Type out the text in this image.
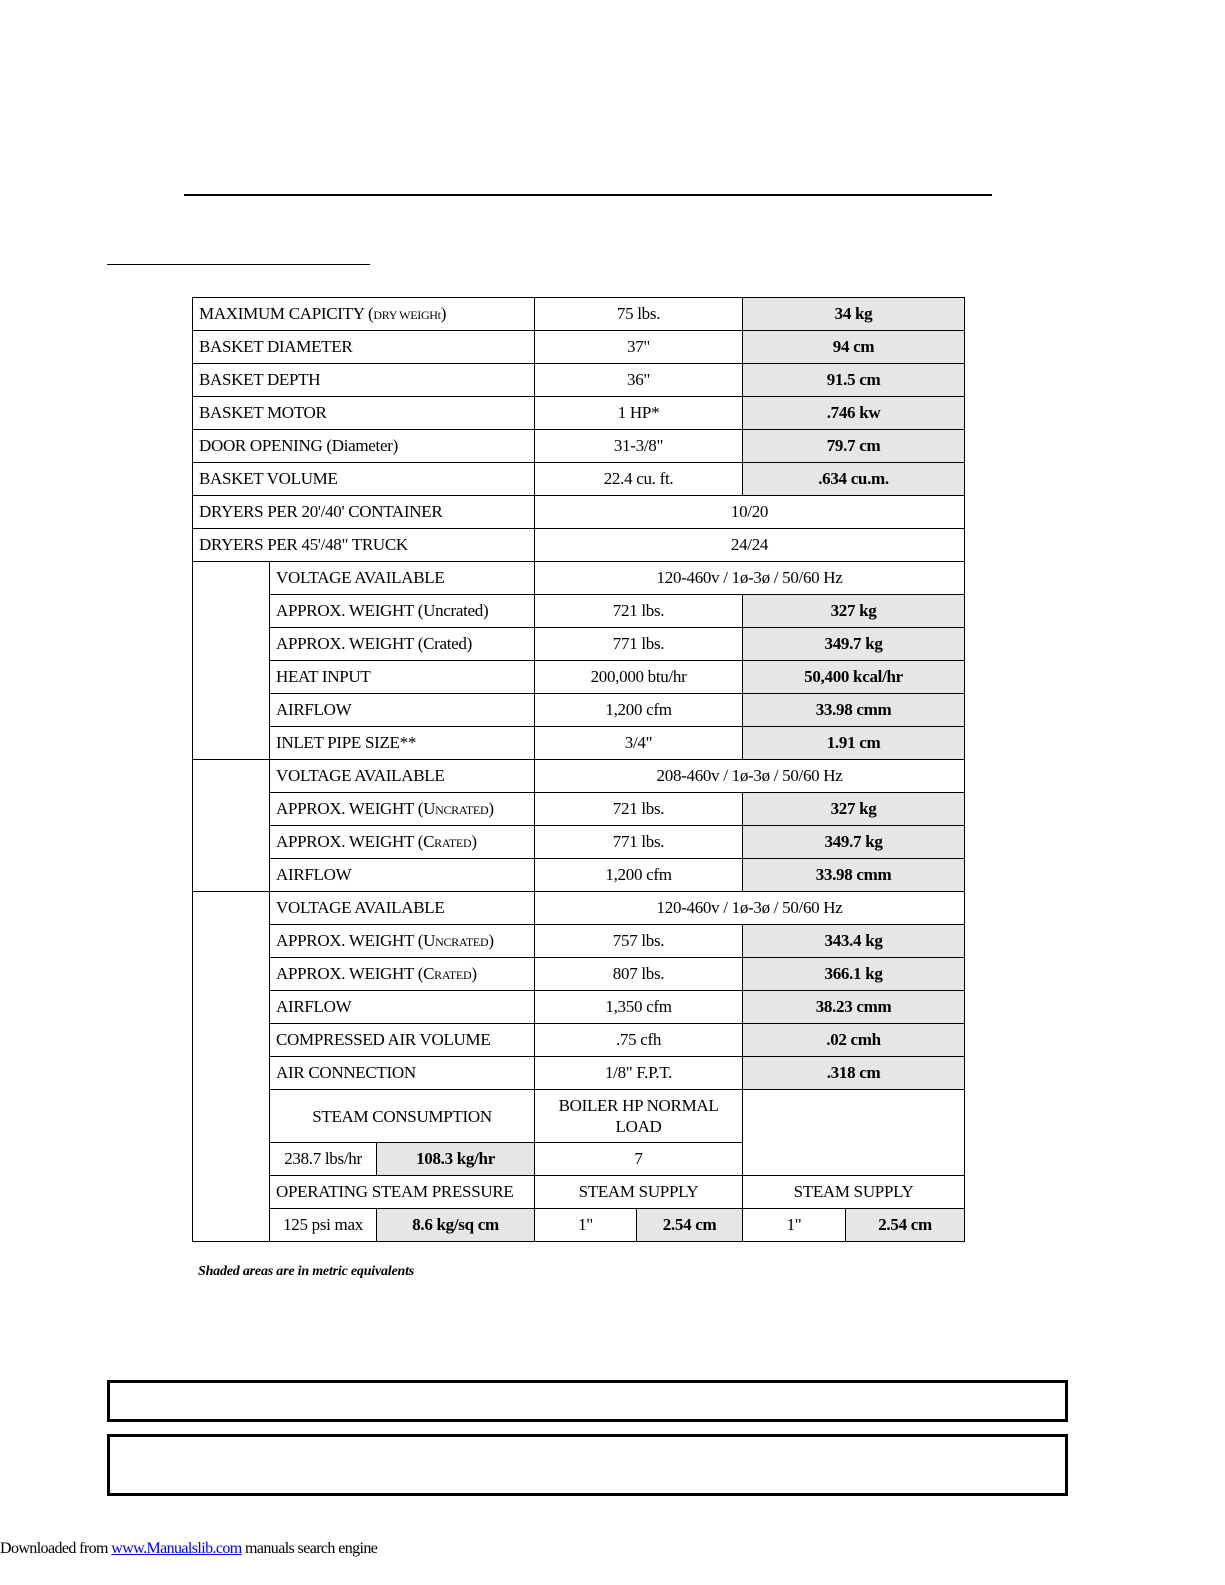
MAXIMUM CAPICITY (DRY WEIGHt)			75 lbs.		34 kg	
BASKET DIAMETER			37"		94 cm	
BASKET DEPTH			36"		91.5 cm	
BASKET MOTOR			1 HP*		.746 kw	
DOOR OPENING (Diameter)			31-3/8"		79.7 cm	
BASKET VOLUME			22.4 cu. ft.		.634 cu.m.	
DRYERS PER 20'/40' CONTAINER			10/20			
DRYERS PER 45'/48" TRUCK			24/24			
	VOLTAGE AVAILABLE		120-460v / 1ø-3ø / 50/60 Hz			
	APPROX. WEIGHT (Uncrated)		721 lbs.		327 kg	
	APPROX. WEIGHT (Crated)		771 lbs.		349.7 kg	
	HEAT INPUT		200,000 btu/hr		50,400 kcal/hr	
	AIRFLOW		1,200 cfm		33.98 cmm	
	INLET PIPE SIZE**		3/4"		1.91 cm	
	VOLTAGE AVAILABLE		208-460v / 1ø-3ø / 50/60 Hz			
	APPROX. WEIGHT (UNCRATED)		721 lbs.		327 kg	
	APPROX. WEIGHT (CRATED)		771 lbs.		349.7 kg	
	AIRFLOW		1,200 cfm		33.98 cmm	
	VOLTAGE AVAILABLE		120-460v / 1ø-3ø / 50/60 Hz			
	APPROX. WEIGHT (UNCRATED)		757 lbs.		343.4 kg	
	APPROX. WEIGHT (CRATED)		807 lbs.		366.1 kg	
	AIRFLOW		1,350 cfm		38.23 cmm	
	COMPRESSED AIR VOLUME		.75 cfh		.02 cmh	
	AIR CONNECTION		1/8" F.P.T.		.318 cm	
	STEAM CONSUMPTION		BOILER HP NORMAL LOAD			
	238.7 lbs/hr	108.3 kg/hr	7			
	OPERATING STEAM PRESSURE		STEAM SUPPLY		STEAM SUPPLY	
	125 psi max	8.6 kg/sq cm	1"	2.54 cm	1"	2.54 cm
Shaded areas are in metric equivalents
Downloaded from www.Manualslib.com manuals search engine
